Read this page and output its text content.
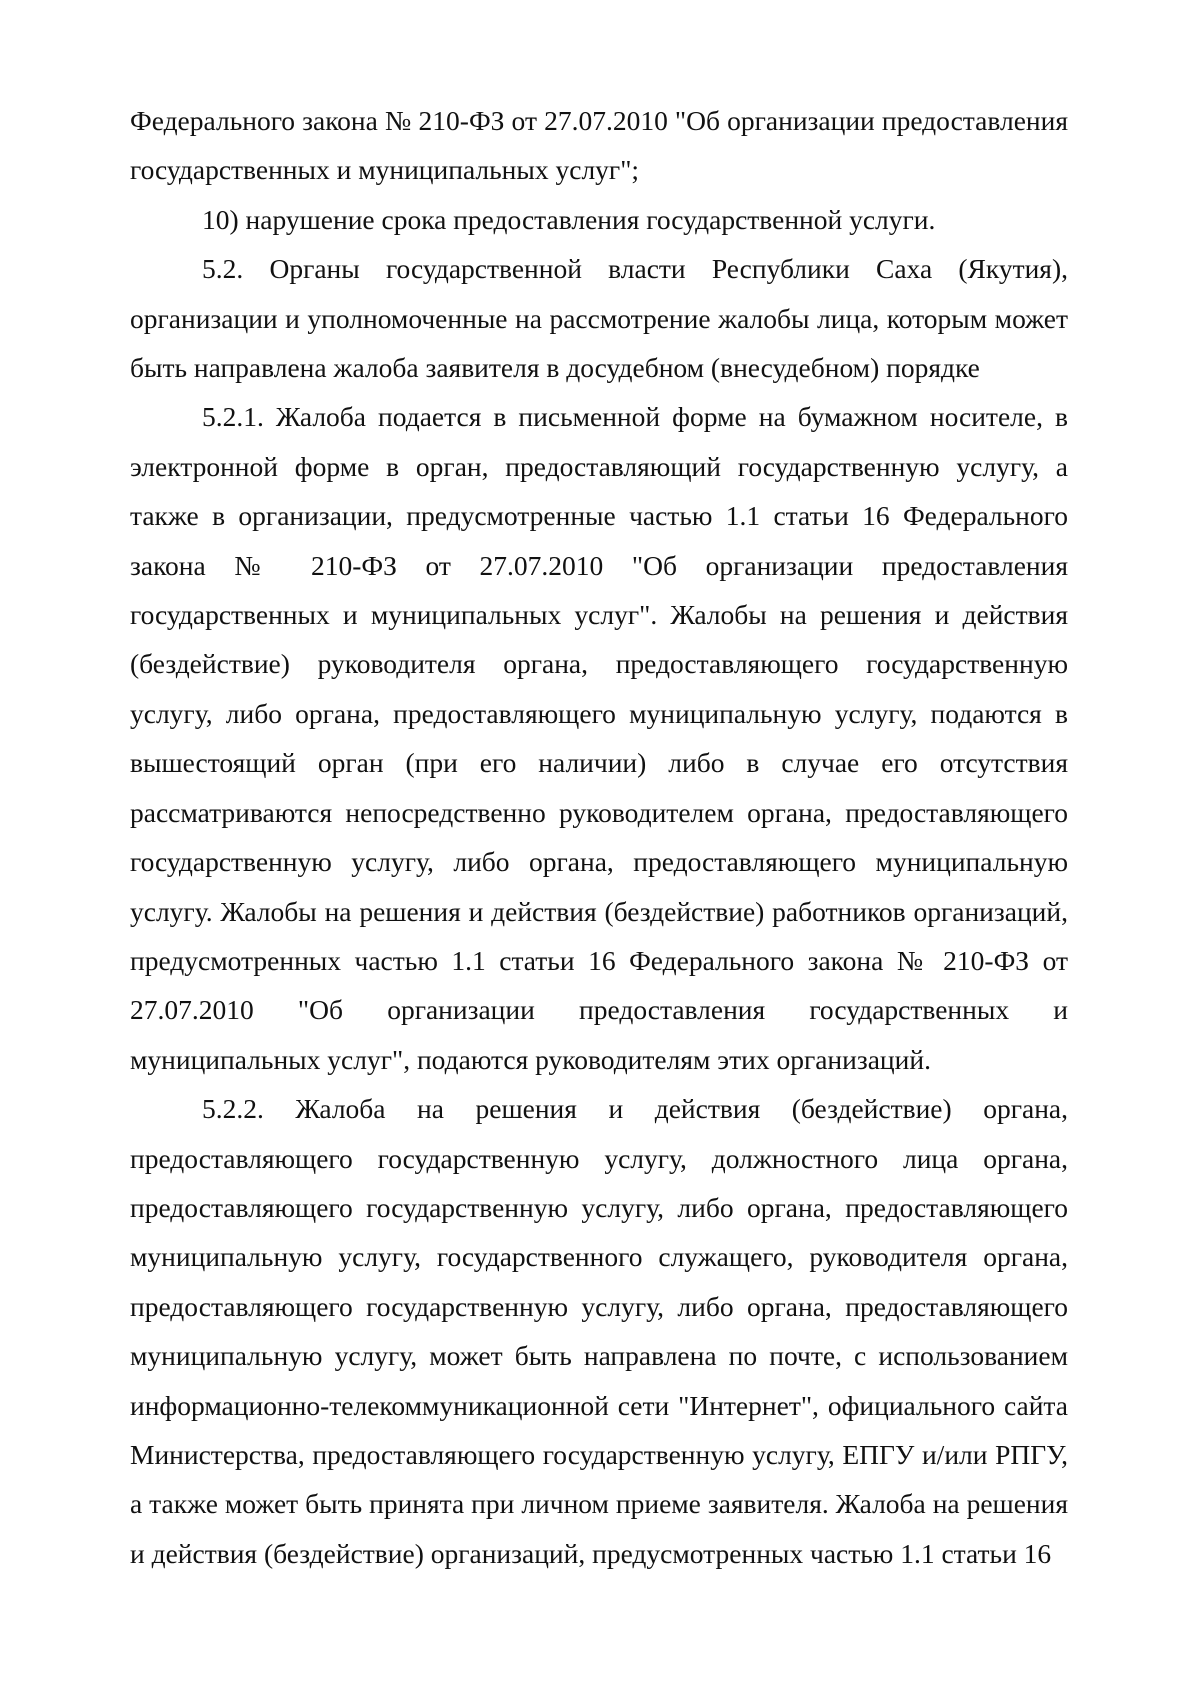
Федерального закона № 210-ФЗ от 27.07.2010 "Об организации предоставления государственных и муниципальных услуг";

10) нарушение срока предоставления государственной услуги.

5.2. Органы государственной власти Республики Саха (Якутия), организации и уполномоченные на рассмотрение жалобы лица, которым может быть направлена жалоба заявителя в досудебном (внесудебном) порядке

5.2.1. Жалоба подается в письменной форме на бумажном носителе, в электронной форме в орган, предоставляющий государственную услугу, а также в организации, предусмотренные частью 1.1 статьи 16 Федерального закона № 210-ФЗ от 27.07.2010 "Об организации предоставления государственных и муниципальных услуг". Жалобы на решения и действия (бездействие) руководителя органа, предоставляющего государственную услугу, либо органа, предоставляющего муниципальную услугу, подаются в вышестоящий орган (при его наличии) либо в случае его отсутствия рассматриваются непосредственно руководителем органа, предоставляющего государственную услугу, либо органа, предоставляющего муниципальную услугу. Жалобы на решения и действия (бездействие) работников организаций, предусмотренных частью 1.1 статьи 16 Федерального закона № 210-ФЗ от 27.07.2010 "Об организации предоставления государственных и муниципальных услуг", подаются руководителям этих организаций.

5.2.2. Жалоба на решения и действия (бездействие) органа, предоставляющего государственную услугу, должностного лица органа, предоставляющего государственную услугу, либо органа, предоставляющего муниципальную услугу, государственного служащего, руководителя органа, предоставляющего государственную услугу, либо органа, предоставляющего муниципальную услугу, может быть направлена по почте, с использованием информационно-телекоммуникационной сети "Интернет", официального сайта Министерства, предоставляющего государственную услугу, ЕПГУ и/или РПГУ, а также может быть принята при личном приеме заявителя. Жалоба на решения и действия (бездействие) организаций, предусмотренных частью 1.1 статьи 16
